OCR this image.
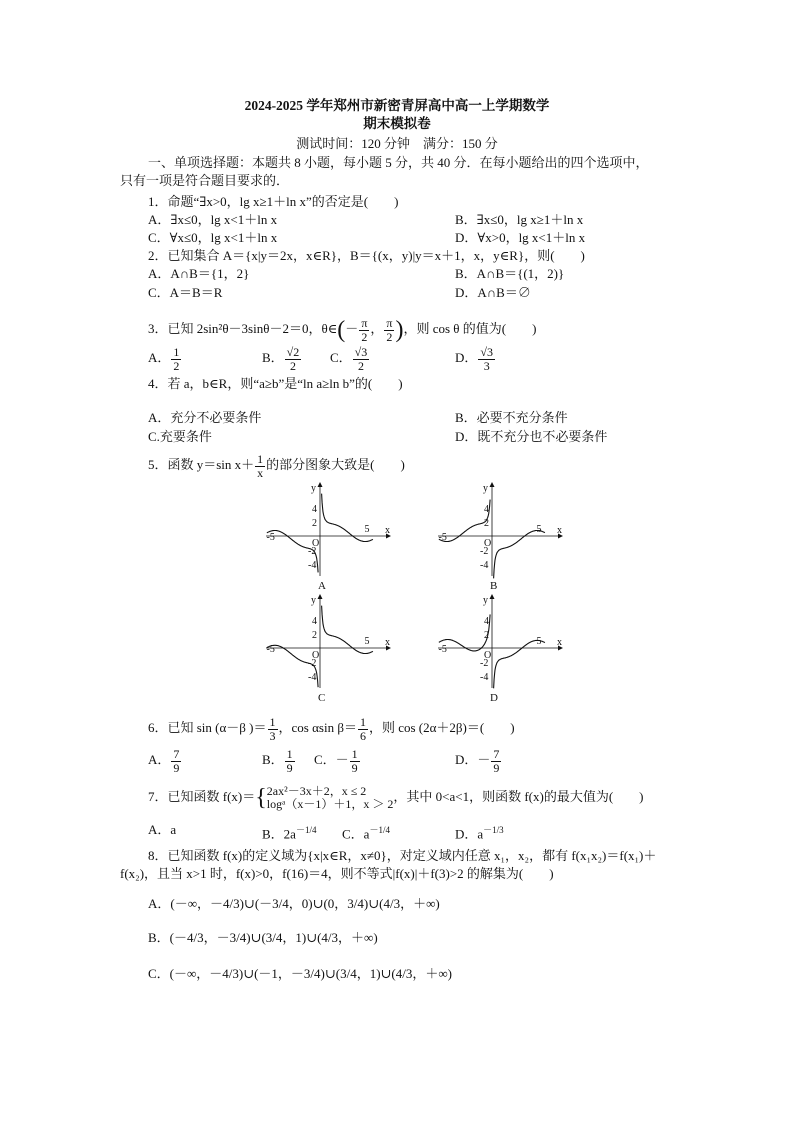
2024-2025 学年郑州市新密青屏高中高一上学期数学
期末模拟卷
测试时间：120 分钟　满分：150 分
一、单项选择题：本题共 8 小题，每小题 5 分，共 40 分．在每小题给出的四个选项中，
只有一项是符合题目要求的．
1．命题“∃x>0，lg x≥1＋ln x”的否定是(　　)
A．∃x≤0，lg x<1＋ln x	B．∃x≤0，lg x≥1＋ln x
C．∀x≤0，lg x<1＋ln x	D．∀x>0，lg x<1＋ln x
2．已知集合 A＝{x|y＝2x，x∈R}，B＝{(x，y)|y＝x＋1，x，y∈R}，则(　　)
A．A∩B＝{1，2}	B．A∩B＝{(1，2)}
C．A＝B＝R	D．A∩B＝∅
3．已知 2sin²θ－3sinθ－2＝0，θ∈(－ $\frac{\pi}{2}$ ， $\frac{\pi}{2}$ )，则 cos θ 的值为(　　)
A． $\frac{1}{2}$	B． $\frac{√2}{2}$ C． $\frac{√3}{2}$	D． $\frac{√3}{3}$
4．若 a，b∈R，则“a≥b”是“ln a≥ln b”的(　　)
A．充分不必要条件	B．必要不充分条件
C.充要条件	D．既不充分也不必要条件
5．函数 y＝sin $x+ \frac{1}{x}$ 的部分图象大致是(　　)
y
x
O
4
2
-2
-4
-5
5
y
x
O
4
2
-2
-4
-5
5
y
x
O
4
2
-2
-4
-5
5
y
x
O
4
2
-2
-4
-5
5
A	B
C	D
6．已知 sin (α－β )＝ $\frac{1}{3}$ ，cos αsin $\beta= \frac{1}{6}$ ，则 cos (2α＋2β)＝(　　)
A． $\frac{7}{9}$	B． $\frac{1}{9}$ C．－ $\frac{1}{9}$	D．－ $\frac{7}{9}$
7．已知函数 f(x)＝{ 2ax²－3x＋2，x ≤ 2
logᵃ（x－1）＋1，x ＞ 2
，其中 0<a<1，则函数 f(x)的最大值为(　　)
A．a	B．$2a^{-1/4}$ C．$a^{-1/4}$	D．$a^{-1/3}$
8．已知函数 f(x)的定义域为{x|x∈R，x≠0}，对定义域内任意 x₁，x₂，都有 f(x₁x₂)＝f(x₁)＋
f(x₂)，且当 x>1 时，f(x)>0，f(16)＝4，则不等式|f(x)|＋f(3)>2 的解集为(　　)
A．(－∞，－4/3)∪(－3/4，0)∪(0，3/4)∪(4/3，＋∞)
B．(－4/3，－3/4)∪(3/4，1)∪(4/3，＋∞)
C．(－∞，－4/3)∪(－1，－3/4)∪(3/4，1)∪(4/3，＋∞)
